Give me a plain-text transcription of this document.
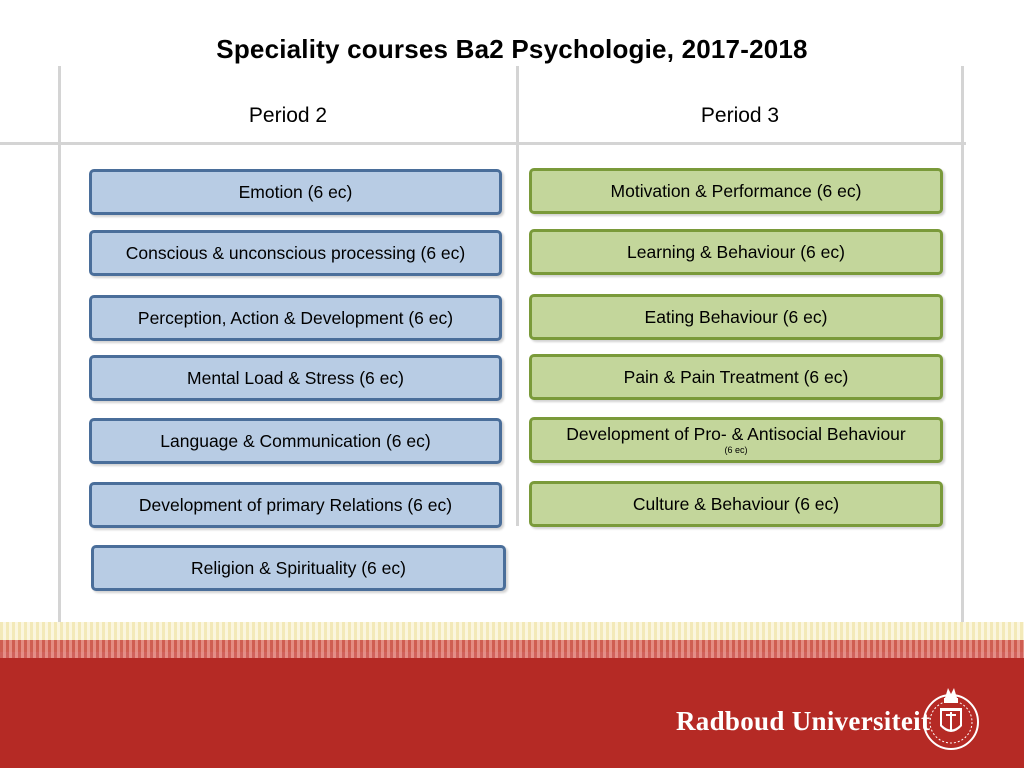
Speciality courses Ba2 Psychologie, 2017-2018
Period 2	Period 3
Emotion (6 ec)
Conscious & unconscious processing (6 ec)
Perception, Action & Development (6 ec)
Mental Load & Stress (6 ec)
Language & Communication (6 ec)
Development of primary Relations (6 ec)
Religion & Spirituality (6 ec)
Motivation & Performance (6 ec)
Learning & Behaviour (6 ec)
Eating Behaviour (6 ec)
Pain & Pain Treatment (6 ec)
Development of Pro- & Antisocial Behaviour
(6 ec)
Culture & Behaviour (6 ec)
Radboud Universiteit
